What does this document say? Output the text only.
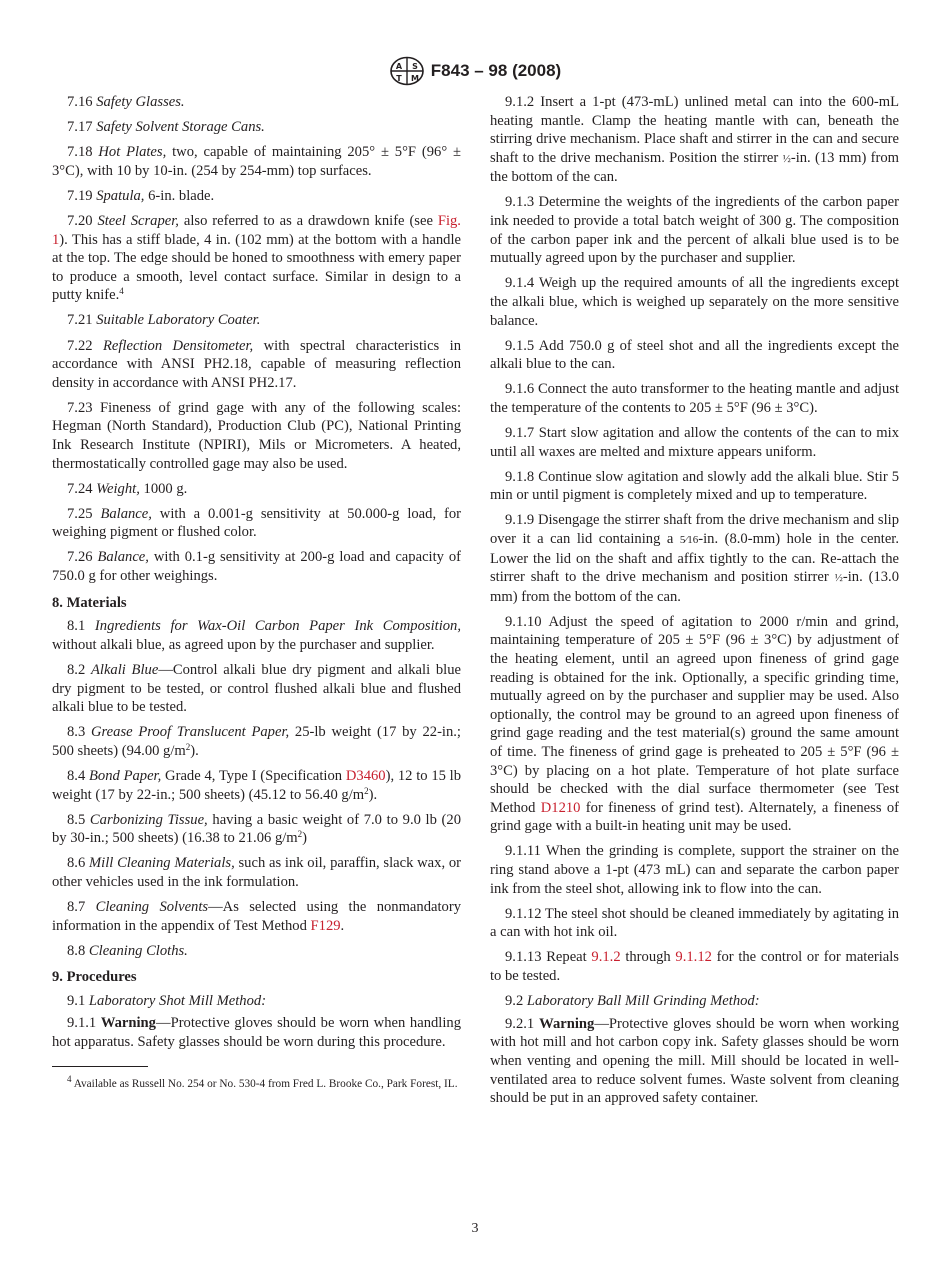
A S
T M F843 – 98 (2008)

7.16 Safety Glasses.

7.17 Safety Solvent Storage Cans.

7.18 Hot Plates, two, capable of maintaining 205° ± 5°F (96° ± 3°C), with 10 by 10-in. (254 by 254-mm) top surfaces.

7.19 Spatula, 6-in. blade.

7.20 Steel Scraper, also referred to as a drawdown knife (see Fig. 1). This has a stiff blade, 4 in. (102 mm) at the bottom with a handle at the top. The edge should be honed to smoothness with emery paper to produce a smooth, level contact surface. Similar in design to a putty knife.$^4$

7.21 Suitable Laboratory Coater.

7.22 Reflection Densitometer, with spectral characteristics in accordance with ANSI PH2.18, capable of measuring reflection density in accordance with ANSI PH2.17.

7.23 Fineness of grind gage with any of the following scales: Hegman (North Standard), Production Club (PC), National Printing Ink Research Institute (NPIRI), Mils or Micrometers. A heated, thermostatically controlled gage may also be used.

7.24 Weight, 1000 g.

7.25 Balance, with a 0.001-g sensitivity at 50.000-g load, for weighing pigment or flushed color.

7.26 Balance, with 0.1-g sensitivity at 200-g load and capacity of 750.0 g for other weighings.

8. Materials

8.1 Ingredients for Wax-Oil Carbon Paper Ink Composition, without alkali blue, as agreed upon by the purchaser and supplier.

8.2 Alkali Blue—Control alkali blue dry pigment and alkali blue dry pigment to be tested, or control flushed alkali blue and flushed alkali blue to be tested.

8.3 Grease Proof Translucent Paper, 25-lb weight (17 by 22-in.; 500 sheets) (94.00 $g/m^2$).

8.4 Bond Paper, Grade 4, Type I (Specification D3460), 12 to 15 lb weight (17 by 22-in.; 500 sheets) (45.12 to 56.40 $g/m^2$).

8.5 Carbonizing Tissue, having a basic weight of 7.0 to 9.0 lb (20 by 30-in.; 500 sheets) (16.38 to 21.06 $g/m^2$)

8.6 Mill Cleaning Materials, such as ink oil, paraffin, slack wax, or other vehicles used in the ink formulation.

8.7 Cleaning Solvents—As selected using the nonmandatory information in the appendix of Test Method F129.

8.8 Cleaning Cloths.

9. Procedures

9.1 Laboratory Shot Mill Method:

9.1.1 Warning—Protective gloves should be worn when handling hot apparatus. Safety glasses should be worn during this procedure.

$^4$ Available as Russell No. 254 or No. 530-4 from Fred L. Brooke Co., Park Forest, IL.

9.1.2 Insert a 1-pt (473-mL) unlined metal can into the 600-mL heating mantle. Clamp the heating mantle with can, beneath the stirring drive mechanism. Place shaft and stirrer in the can and secure shaft to the drive mechanism. Position the stirrer ½-in. (13 mm) from the bottom of the can.

9.1.3 Determine the weights of the ingredients of the carbon paper ink needed to provide a total batch weight of 300 g. The composition of the carbon paper ink and the percent of alkali blue used is to be mutually agreed upon by the purchaser and supplier.

9.1.4 Weigh up the required amounts of all the ingredients except the alkali blue, which is weighed up separately on the more sensitive balance.

9.1.5 Add 750.0 g of steel shot and all the ingredients except the alkali blue to the can.

9.1.6 Connect the auto transformer to the heating mantle and adjust the temperature of the contents to 205 ± 5°F (96 ± 3°C).

9.1.7 Start slow agitation and allow the contents of the can to mix until all waxes are melted and mixture appears uniform.

9.1.8 Continue slow agitation and slowly add the alkali blue. Stir 5 min or until pigment is completely mixed and up to temperature.

9.1.9 Disengage the stirrer shaft from the drive mechanism and slip over it a can lid containing a 5⁄16-in. (8.0-mm) hole in the center. Lower the lid on the shaft and affix tightly to the can. Re-attach the stirrer shaft to the drive mechanism and position stirrer ½-in. (13.0 mm) from the bottom of the can.

9.1.10 Adjust the speed of agitation to 2000 r/min and grind, maintaining temperature of 205 ± 5°F (96 ± 3°C) by adjustment of the heating element, until an agreed upon fineness of grind gage reading is obtained for the ink. Optionally, a specific grinding time, mutually agreed on by the purchaser and supplier may be used. Also optionally, the control may be ground to an agreed upon fineness of grind gage reading and the test material(s) ground the same amount of time. The fineness of grind gage is preheated to 205 ± 5°F (96 ± 3°C) by placing on a hot plate. Temperature of hot plate surface should be checked with the dial surface thermometer (see Test Method D1210 for fineness of grind test). Alternately, a fineness of grind gage with a built-in heating unit may be used.

9.1.11 When the grinding is complete, support the strainer on the ring stand above a 1-pt (473 mL) can and separate the carbon paper ink from the steel shot, allowing ink to flow into the can.

9.1.12 The steel shot should be cleaned immediately by agitating in a can with hot ink oil.

9.1.13 Repeat 9.1.2 through 9.1.12 for the control or for materials to be tested.

9.2 Laboratory Ball Mill Grinding Method:

9.2.1 Warning—Protective gloves should be worn when working with hot mill and hot carbon copy ink. Safety glasses should be worn when venting and opening the mill. Mill should be located in well-ventilated area to reduce solvent fumes. Waste solvent from cleaning should be put in an approved safety container.

3
